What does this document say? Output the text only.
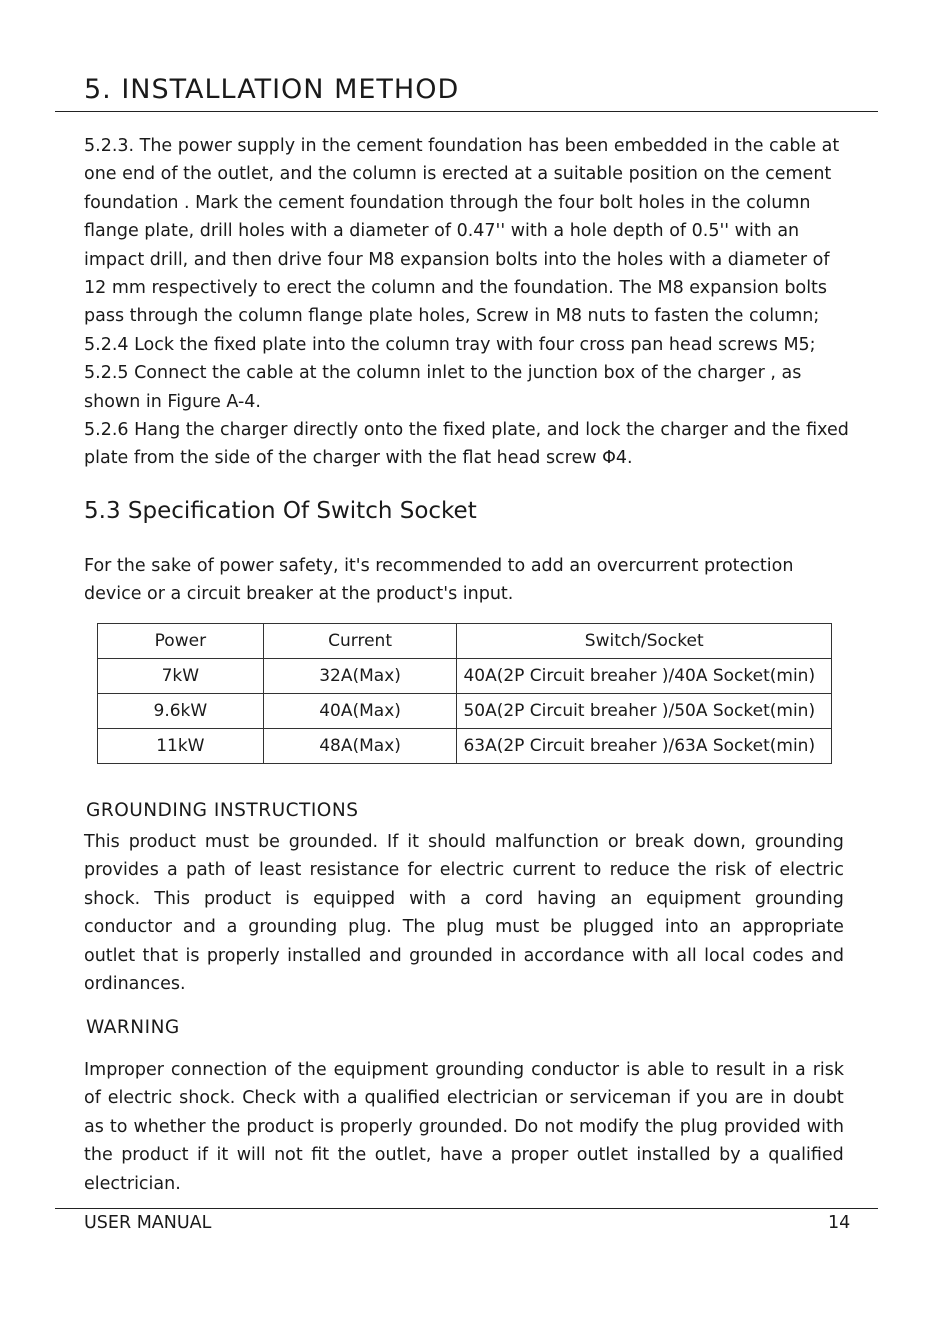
5. INSTALLATION METHOD
5.2.3. The power supply in the cement foundation has been embedded in the cable at
one end of the outlet, and the column is erected at a suitable position on the cement
foundation . Mark the cement foundation through the four bolt holes in the column
flange plate, drill holes with a diameter of 0.47'' with a hole depth of 0.5'' with an
impact drill, and then drive four M8 expansion bolts into the holes with a diameter of
12 mm respectively to erect the column and the foundation. The M8 expansion bolts
pass through the column flange plate holes, Screw in M8 nuts to fasten the column;
5.2.4 Lock the fixed plate into the column tray with four cross pan head screws M5;
5.2.5 Connect the cable at the column inlet to the junction box of the charger , as
shown in Figure A-4.
5.2.6 Hang the charger directly onto the fixed plate, and lock the charger and the fixed
plate from the side of the charger with the flat head screw Φ4.
5.3 Specification Of Switch Socket
For the sake of power safety, it's recommended to add an overcurrent protection
device or a circuit breaker at the product's input.
Power	Current	Switch/Socket
7kW	32A(Max)	40A(2P Circuit breaher )/40A Socket(min)
9.6kW	40A(Max)	50A(2P Circuit breaher )/50A Socket(min)
11kW	48A(Max)	63A(2P Circuit breaher )/63A Socket(min)
GROUNDING INSTRUCTIONS
This product must be grounded. If it should malfunction or break down, grounding
provides a path of least resistance for electric current to reduce the risk of electric
shock. This product is equipped with a cord having an equipment grounding
conductor and a grounding plug. The plug must be plugged into an appropriate
outlet that is properly installed and grounded in accordance with all local codes and
ordinances.
WARNING
Improper connection of the equipment grounding conductor is able to result in a risk
of electric shock. Check with a qualified electrician or serviceman if you are in doubt
as to whether the product is properly grounded. Do not modify the plug provided with
the product if it will not fit the outlet, have a proper outlet installed by a qualified
electrician.
USER MANUAL	14
